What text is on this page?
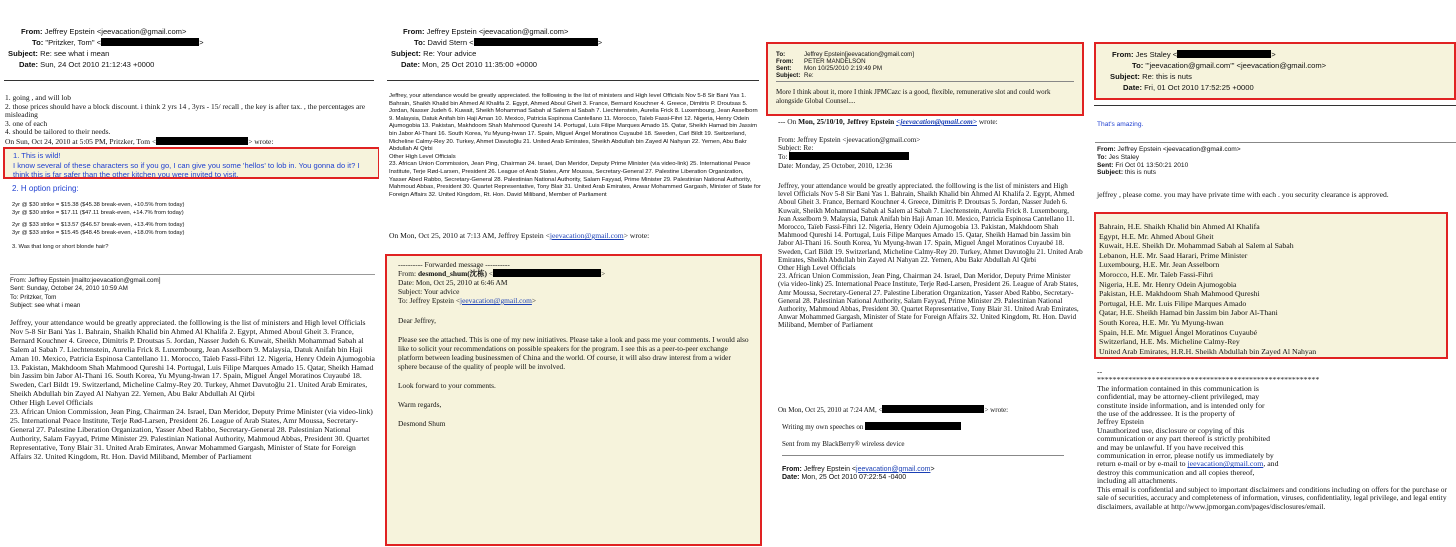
From: Jeffrey Epstein <jeevacation@gmail.com>
To: "Pritzker, Tom" <	>
Subject: Re: see what i mean
Date: Sun, 24 Oct 2010 21:12:43 +0000

1. going , and will lob

2. those prices should have a block discount. i think 2 yrs 14 , 3yrs - 15/ recall , the key is after tax. , the percentages are misleading

3. one of each

4. should be tailored to their needs.

On Sun, Oct 24, 2010 at 5:05 PM, Pritzker, Tom <	> wrote:

1. This is wild!

I know several of these characters so if you go, I can give you some 'hellos' to lob in. You gonna do it? I think this is far safer than the other kitchen you were invited to visit.

2. H option pricing:

2yr @ $30 strike = $15.38 ($45.38 break-even, +10.5% from today)

3yr @ $30 strike = $17.11 ($47.11 break-even, +14.7% from today)

2yr @ $33 strike = $13.57 ($46.57 break-even, +13.4% from today)

3yr @ $33 strike = $15.45 ($48.45 break-even, +18.0% from today)

3. Was that long or short blonde hair?

From: Jeffrey Epstein [mailto:jeevacation@gmail.com]

Sent: Sunday, October 24, 2010 10:59 AM

To: Pritzker, Tom

Subject: see what i mean

Jeffrey, your attendance would be greatly appreciated. the folllowing is the list of ministers and High level Officials Nov 5-8 Sir Bani Yas 1. Bahrain, Shaikh Khalid bin Ahmed Al Khalifa 2. Egypt, Ahmed Aboul Gheit 3. France, Bernard Kouchner 4. Greece, Dimitris P. Droutsas 5. Jordan, Nasser Judeh 6. Kuwait, Sheikh Mohammad Sabah al Salem al Sabah 7. Liechtenstein, Aurelia Frick 8. Luxembourg, Jean Asselborn 9. Malaysia, Datuk Anifah bin Haji Aman 10. Mexico, Patricia Espinosa Cantellano 11. Morocco, Taïeb Fassi-Fihri 12. Nigeria, Henry Odein Ajumogobia 13. Pakistan, Makhdoom Shah Mahmood Qureshi 14. Portugal, Luis Filipe Marques Amado 15. Qatar, Sheikh Hamad bin Jassim bin Jabor Al-Thani 16. South Korea, Yu Myung-hwan 17. Spain, Miguel Ángel Moratinos Cuyaubé 18. Sweden, Carl Bildt 19. Switzerland, Micheline Calmy-Rey 20. Turkey, Ahmet Davutoğlu 21. United Arab Emirates, Sheikh Abdullah bin Zayed Al Nahyan 22. Yemen, Abu Bakr Abdullah Al Qirbi

Other High Level Officials

23. African Union Commission, Jean Ping, Chairman 24. Israel, Dan Meridor, Deputy Prime Minister (via video-link) 25. International Peace Institute, Terje Rød-Larsen, President 26. League of Arab States, Amr Moussa, Secretary-General 27. Palestine Liberation Organization, Yasser Abed Rabbo, Secretary-General 28. Palestinian National Authority, Salam Fayyad, Prime Minister 29. Palestinian National Authority, Mahmoud Abbas, President 30. Quartet Representative, Tony Blair 31. United Arab Emirates, Anwar Mohammed Gargash, Minister of State for Foreign Affairs 32. United Kingdom, Rt. Hon. David Miliband, Member of Parliament

From: Jeffrey Epstein <jeevacation@gmail.com>
To: David Stern <	>
Subject: Re: Your advice
Date: Mon, 25 Oct 2010 11:35:00 +0000

Jeffrey, your attendance would be greatly appreciated. the folllowing is the list of ministers and High level Officials Nov 5-8 Sir Bani Yas 1. Bahrain, Shaikh Khalid bin Ahmed Al Khalifa 2. Egypt, Ahmed Aboul Gheit 3. France, Bernard Kouchner 4. Greece, Dimitris P. Droutsas 5. Jordan, Nasser Judeh 6. Kuwait, Sheikh Mohammad Sabah al Salem al Sabah 7. Liechtenstein, Aurelia Frick 8. Luxembourg, Jean Asselborn 9. Malaysia, Datuk Anifah bin Haji Aman 10. Mexico, Patricia Espinosa Cantellano 11. Morocco, Taïeb Fassi-Fihri 12. Nigeria, Henry Odein Ajumogobia 13. Pakistan, Makhdoom Shah Mahmood Qureshi 14. Portugal, Luis Filipe Marques Amado 15. Qatar, Sheikh Hamad bin Jassim bin Jabor Al-Thani 16. South Korea, Yu Myung-hwan 17. Spain, Miguel Ángel Moratinos Cuyaubé 18. Sweden, Carl Bildt 19. Switzerland, Micheline Calmy-Rey 20. Turkey, Ahmet Davutoğlu 21. United Arab Emirates, Sheikh Abdullah bin Zayed Al Nahyan 22. Yemen, Abu Bakr Abdullah Al Qirbi

Other High Level Officials

23. African Union Commission, Jean Ping, Chairman 24. Israel, Dan Meridor, Deputy Prime Minister (via video-link) 25. International Peace Institute, Terje Rød-Larsen, President 26. League of Arab States, Amr Moussa, Secretary-General 27. Palestine Liberation Organization, Yasser Abed Rabbo, Secretary-General 28. Palestinian National Authority, Salam Fayyad, Prime Minister 29. Palestinian National Authority, Mahmoud Abbas, President 30. Quartet Representative, Tony Blair 31. United Arab Emirates, Anwar Mohammed Gargash, Minister of State for Foreign Affairs 32. United Kingdom, Rt. Hon. David Miliband, Member of Parliament

On Mon, Oct 25, 2010 at 7:13 AM, Jeffrey Epstein <jeevacation@gmail.com> wrote:

---------- Forwarded message ----------

From: desmond_shum(沈栋) <	>

Date: Mon, Oct 25, 2010 at 6:46 AM

Subject: Your advice

To: Jeffrey Epstein <jeevacation@gmail.com>

Dear Jeffrey,

Please see the attached. This is one of my new initiatives. Please take a look and pass me your comments. I would also like to solicit your recommendations on possible speakers for the program. I see this as a peer-to-peer exchange platform between leading businessmen of China and the world. Of course, it will also draw interest from a wider sphere because of the quality of people will be involved.

Look forward to your comments.

Warm regards,

Desmond Shum

To:	Jeffrey Epstein[jeevacation@gmail.com]
From: PETER MANDELSON
Sent: Mon 10/25/2010 2:19:49 PM
Subject: Re:

More I think about it, more I think JPMCazc is a good, flexible, remunerative slot and could work alongside Global Counsel....

--- On Mon, 25/10/10, Jeffrey Epstein <jeevacation@gmail.com> wrote:

From: Jeffrey Epstein <jeevacation@gmail.com>

Subject: Re:

To:

Date: Monday, 25 October, 2010, 12:36

Jeffrey, your attendance would be greatly appreciated. the folllowing is the list of ministers and High level Officials Nov 5-8 Sir Bani Yas 1. Bahrain, Shaikh Khalid bin Ahmed Al Khalifa 2. Egypt, Ahmed Aboul Gheit 3. France, Bernard Kouchner 4. Greece, Dimitris P. Droutsas 5. Jordan, Nasser Judeh 6. Kuwait, Sheikh Mohammad Sabah al Salem al Sabah 7. Liechtenstein, Aurelia Frick 8. Luxembourg, Jean Asselborn 9. Malaysia, Datuk Anifah bin Haji Aman 10. Mexico, Patricia Espinosa Cantellano 11. Morocco, Taïeb Fassi-Fihri 12. Nigeria, Henry Odein Ajumogobia 13. Pakistan, Makhdoom Shah Mahmood Qureshi 14. Portugal, Luis Filipe Marques Amado 15. Qatar, Sheikh Hamad bin Jassim bin Jabor Al-Thani 16. South Korea, Yu Myung-hwan 17. Spain, Miguel Ángel Moratinos Cuyaubé 18. Sweden, Carl Bildt 19. Switzerland, Micheline Calmy-Rey 20. Turkey, Ahmet Davutoğlu 21. United Arab Emirates, Sheikh Abdullah bin Zayed Al Nahyan 22. Yemen, Abu Bakr Abdullah Al Qirbi

Other High Level Officials

23. African Union Commission, Jean Ping, Chairman 24. Israel, Dan Meridor, Deputy Prime Minister (via video-link) 25. International Peace Institute, Terje Rød-Larsen, President 26. League of Arab States, Amr Moussa, Secretary-General 27. Palestine Liberation Organization, Yasser Abed Rabbo, Secretary-General 28. Palestinian National Authority, Salam Fayyad, Prime Minister 29. Palestinian National Authority, Mahmoud Abbas, President 30. Quartet Representative, Tony Blair 31. United Arab Emirates, Anwar Mohammed Gargash, Minister of State for Foreign Affairs 32. United Kingdom, Rt. Hon. David Miliband, Member of Parliament

On Mon, Oct 25, 2010 at 7:24 AM, <	> wrote:

Writing my own speeches on

Sent from my BlackBerry® wireless device

From: Jeffrey Epstein <jeevacation@gmail.com>

Date: Mon, 25 Oct 2010 07:22:54 -0400

From: Jes Staley <	>
To: "'jeevacation@gmail.com'" <jeevacation@gmail.com>
Subject: Re: this is nuts
Date: Fri, 01 Oct 2010 17:52:25 +0000
That's amazing.

From: Jeffrey Epstein <jeevacation@gmail.com>

To: Jes Staley

Sent: Fri Oct 01 13:50:21 2010

Subject: this is nuts

jeffrey , please come. you may have private time with each . you security clearance is approved.

Bahrain, H.E. Shaikh Khalid bin Ahmed Al Khalifa

Egypt, H.E. Mr. Ahmed Aboul Gheit

Kuwait, H.E. Sheikh Dr. Mohammad Sabah al Salem al Sabah

Lebanon, H.E. Mr. Saad Harari, Prime Minister

Luxembourg, H.E. Mr. Jean Asselborn

Morocco, H.E. Mr. Taïeb Fassi-Fihri

Nigeria, H.E. Mr. Henry Odein Ajumogobia

Pakistan, H.E. Makhdoom Shah Mahmood Qureshi

Portugal, H.E. Mr. Luis Filipe Marques Amado

Qatar, H.E. Sheikh Hamad bin Jassim bin Jabor Al-Thani

South Korea, H.E. Mr. Yu Myung-hwan

Spain, H.E. Mr. Miguel Ángel Moratinos Cuyaubé

Switzerland, H.E. Ms. Micheline Calmy-Rey

United Arab Emirates, H.R.H. Sheikh Abdullah bin Zayed Al Nahyan

--

*********************************************************

The information contained in this communication is

confidential, may be attorney-client privileged, may

constitute inside information, and is intended only for

the use of the addressee. It is the property of

Jeffrey Epstein

Unauthorized use, disclosure or copying of this

communication or any part thereof is strictly prohibited

and may be unlawful. If you have received this

communication in error, please notify us immediately by

return e-mail or by e-mail to jeevacation@gmail.com, and

destroy this communication and all copies thereof,

including all attachments.

This email is confidential and subject to important disclaimers and conditions including on offers for the purchase or sale of securities, accuracy and completeness of information, viruses, confidentiality, legal privilege, and legal entity disclaimers, available at http://www.jpmorgan.com/pages/disclosures/email.
